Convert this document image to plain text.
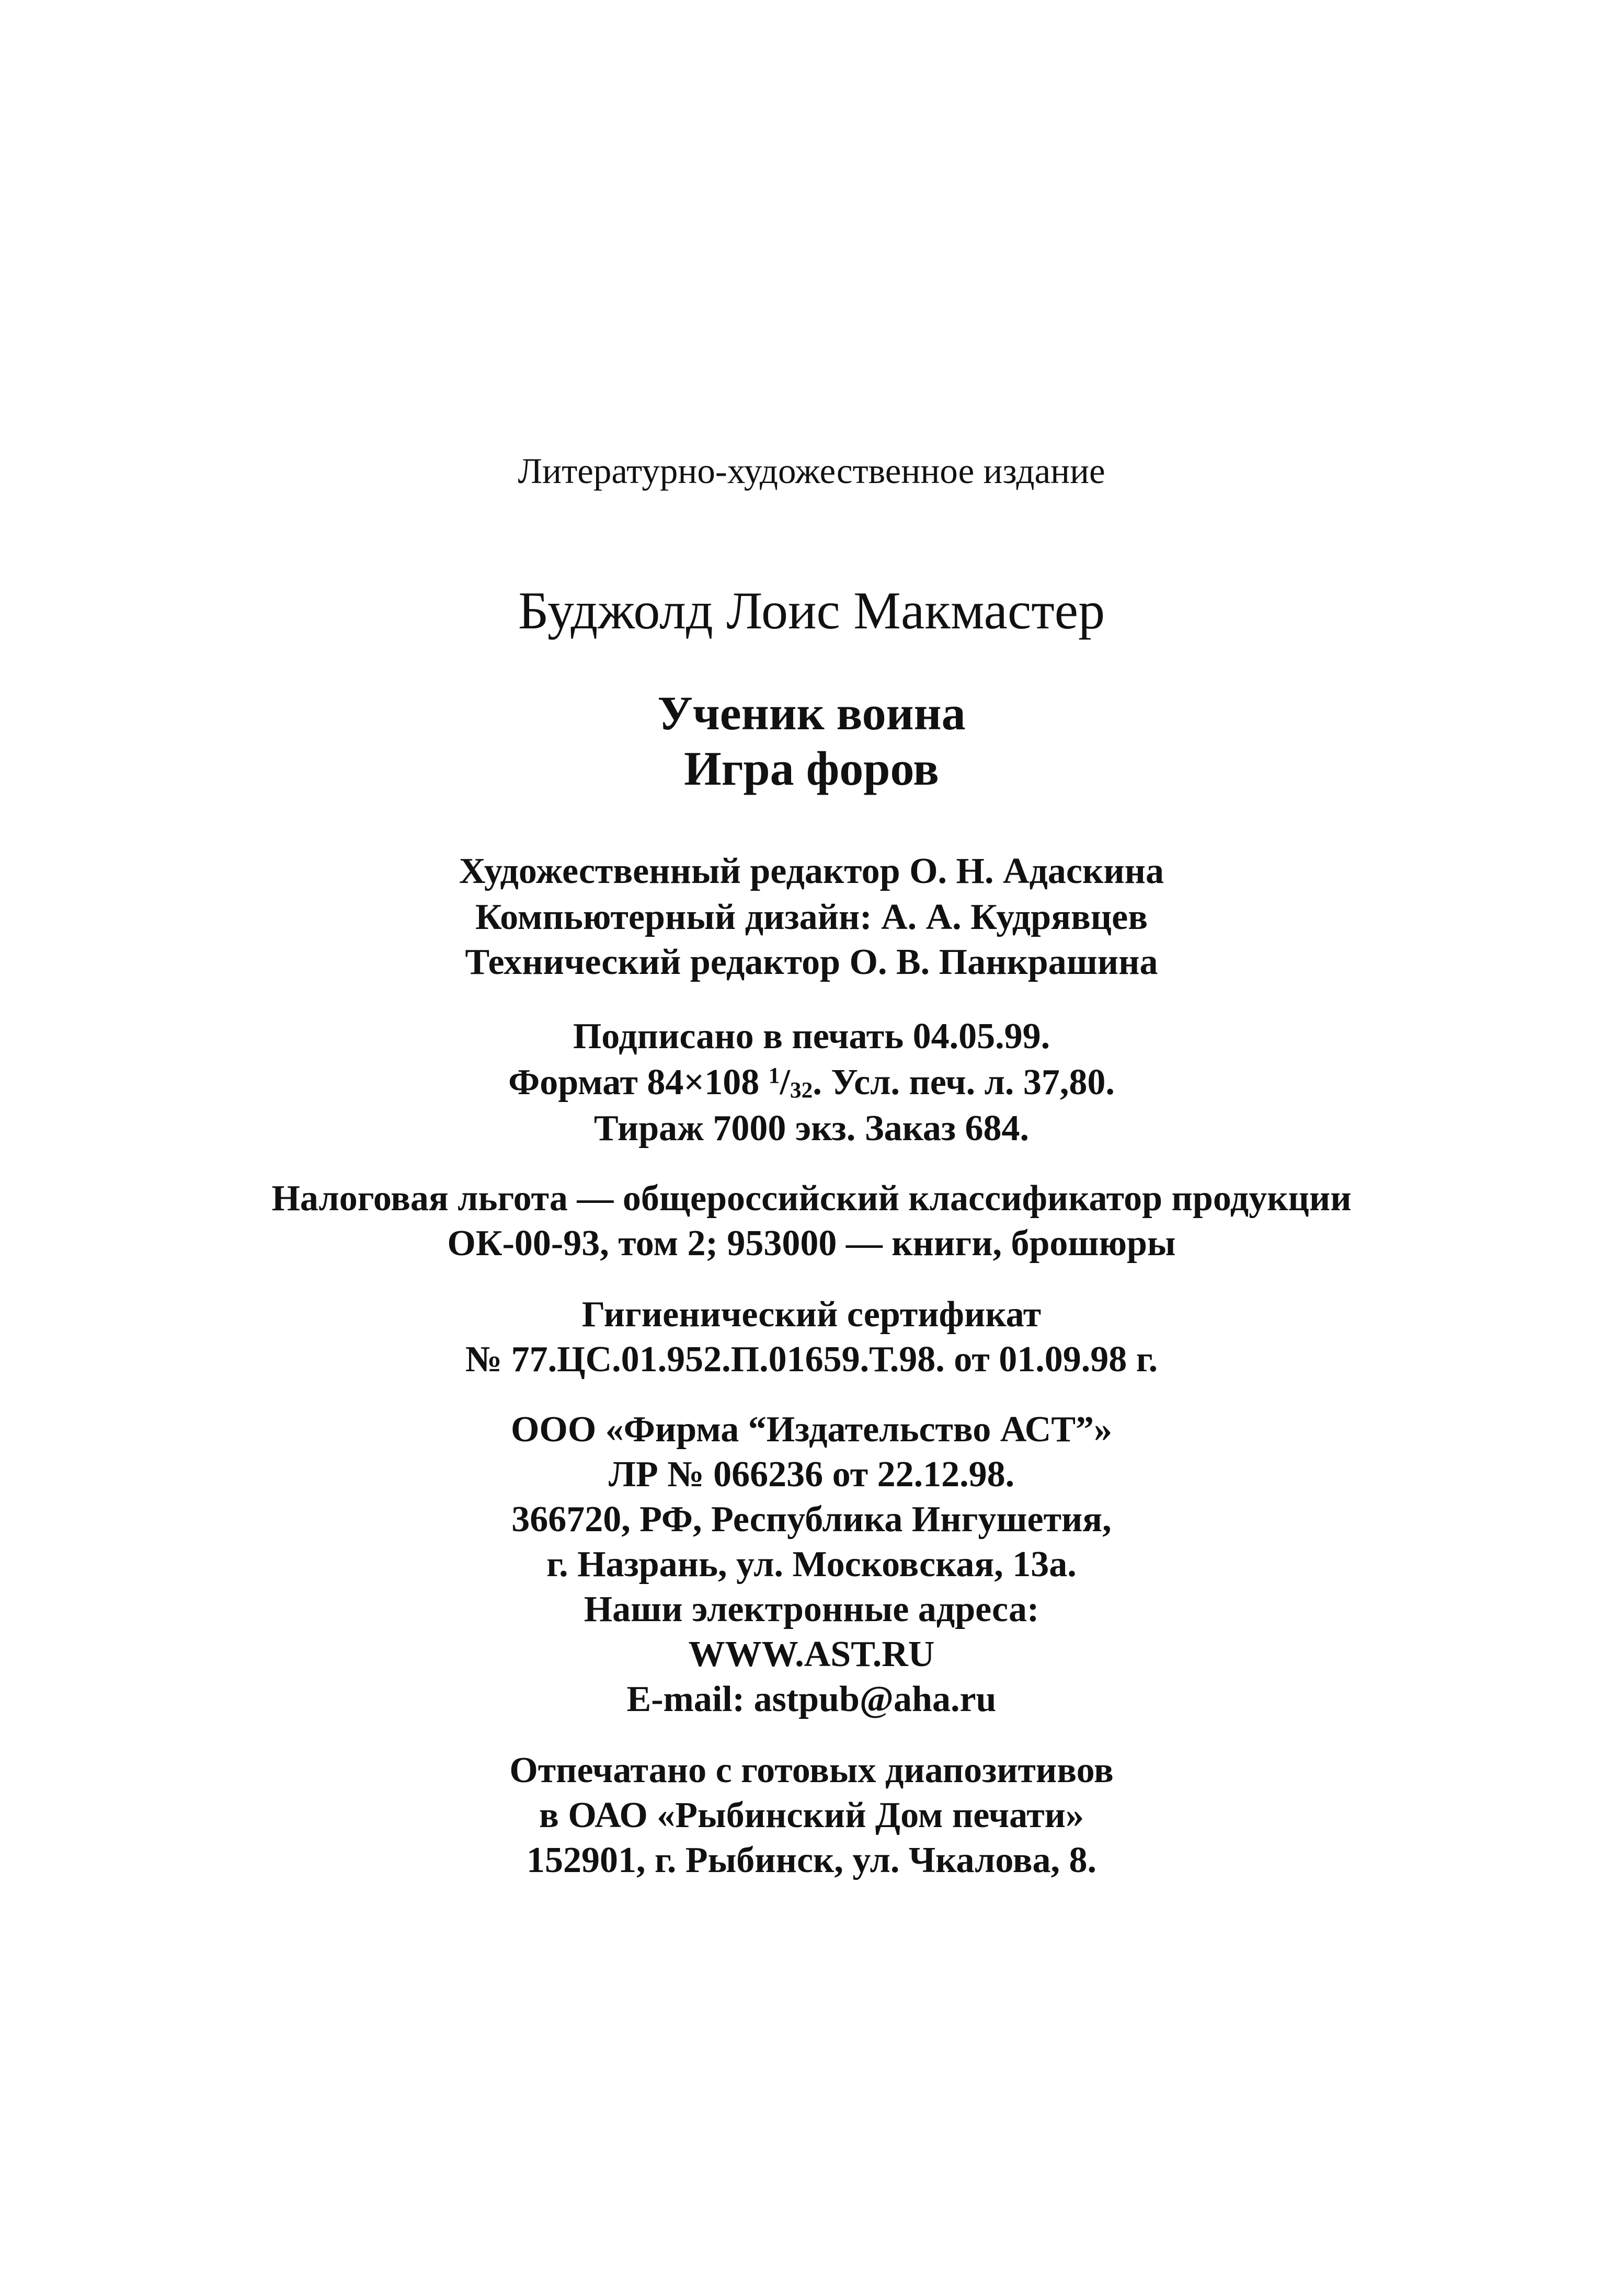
Литературно-художественное издание
Буджолд Лоис Макмастер
Ученик воина
Игра форов
Художественный редактор О. Н. Адаскина
Компьютерный дизайн: А. А. Кудрявцев
Технический редактор О. В. Панкрашина
Подписано в печать 04.05.99.
Формат 84×108 $^1/_{32}$. Усл. печ. л. 37,80.
Тираж 7000 экз. Заказ 684.
Налоговая льгота — общероссийский классификатор продукции
ОК-00-93, том 2; 953000 — книги, брошюры
Гигиенический сертификат
№ 77.ЦС.01.952.П.01659.Т.98. от 01.09.98 г.
ООО «Фирма “Издательство АСТ”»
ЛР № 066236 от 22.12.98.
366720, РФ, Республика Ингушетия,
г. Назрань, ул. Московская, 13а.
Наши электронные адреса:
WWW.AST.RU
E-mail: astpub@aha.ru
Отпечатано с готовых диапозитивов
в ОАО «Рыбинский Дом печати»
152901, г. Рыбинск, ул. Чкалова, 8.
